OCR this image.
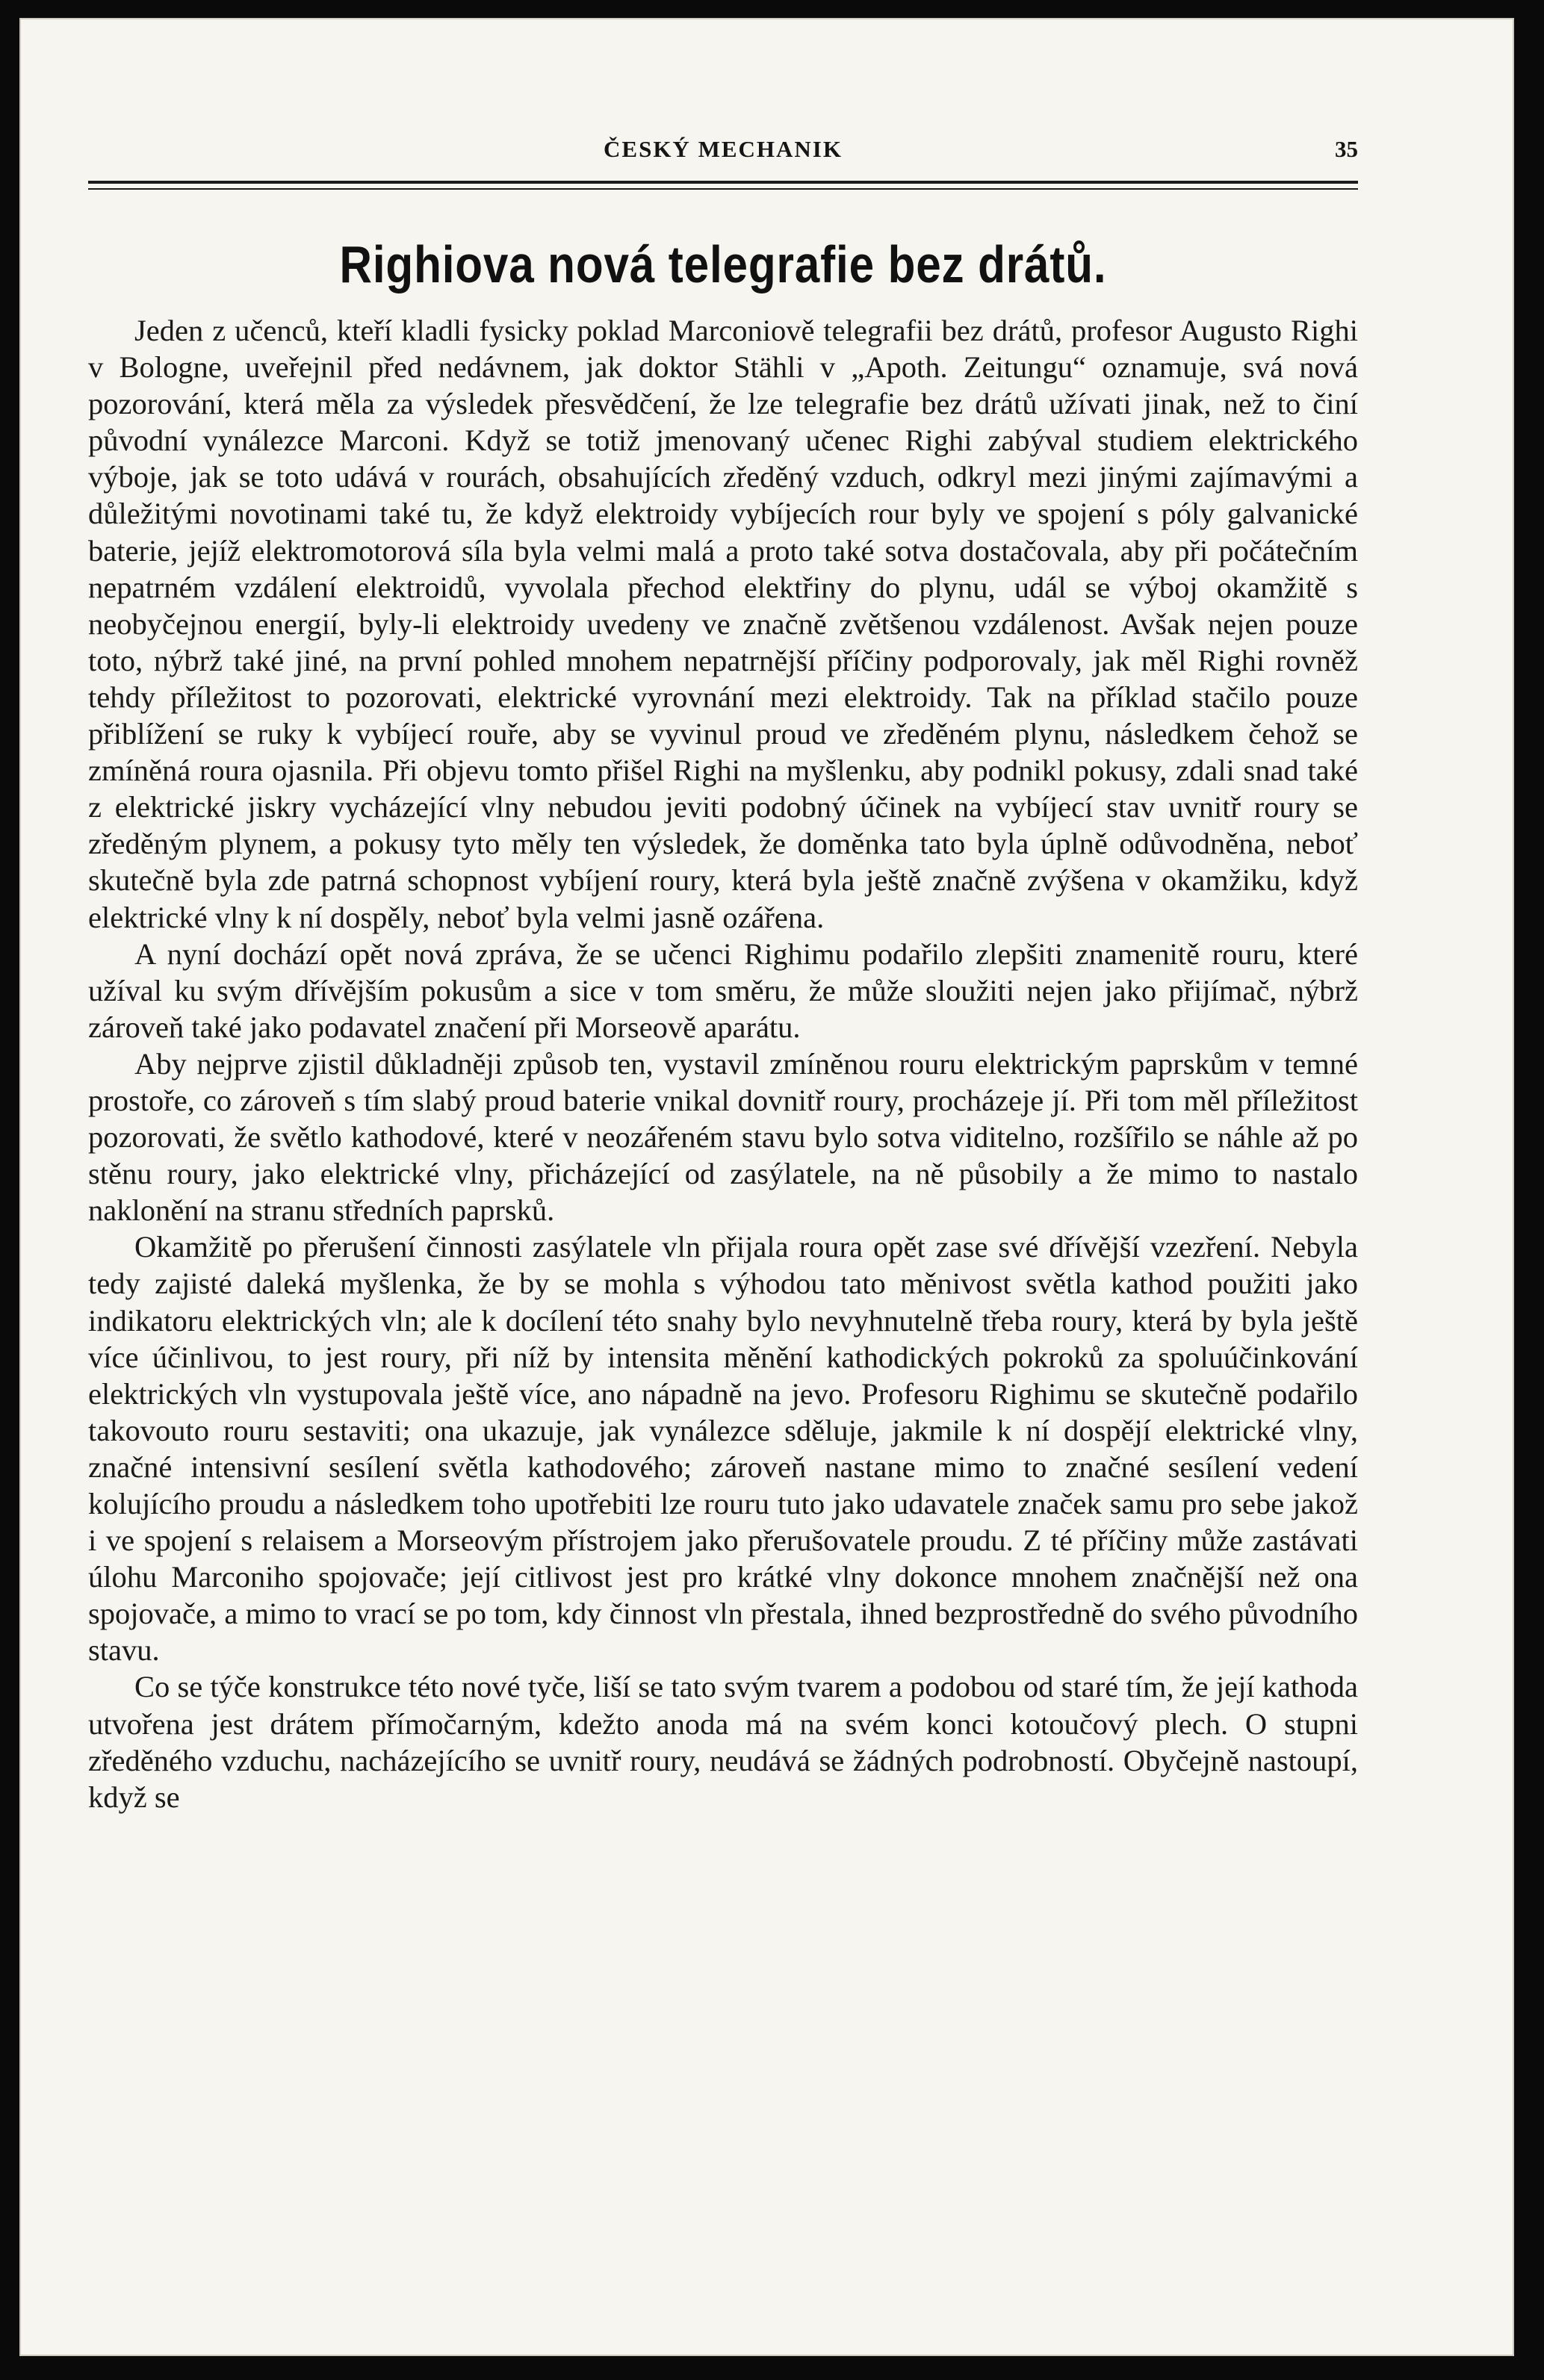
ČESKÝ MECHANIK	35
Righiova nová telegrafie bez drátů.

Jeden z učenců, kteří kladli fysicky poklad Marconiově telegrafii bez drátů, profesor Augusto Righi v Bologne, uveřejnil před nedávnem, jak doktor Stähli v „Apoth. Zeitungu“ oznamuje, svá nová pozorování, která měla za výsledek přesvědčení, že lze telegrafie bez drátů užívati jinak, než to činí původní vynálezce Marconi. Když se totiž jmenovaný učenec Righi zabýval studiem elektrického výboje, jak se toto udává v rourách, obsahujících zředěný vzduch, odkryl mezi jinými zajímavými a důležitými novotinami také tu, že když elektroidy vybíjecích rour byly ve spojení s póly galvanické baterie, jejíž elektromotorová síla byla velmi malá a proto také sotva dostačovala, aby při počátečním nepatrném vzdálení elektroidů, vyvolala přechod elektřiny do plynu, udál se výboj okamžitě s neobyčejnou energií, byly-li elektroidy uvedeny ve značně zvětšenou vzdálenost. Avšak nejen pouze toto, nýbrž také jiné, na první pohled mnohem nepatrnější příčiny podporovaly, jak měl Righi rovněž tehdy příležitost to pozorovati, elektrické vyrovnání mezi elektroidy. Tak na příklad stačilo pouze přiblížení se ruky k vybíjecí rouře, aby se vyvinul proud ve zředěném plynu, následkem čehož se zmíněná roura ojasnila. Při objevu tomto přišel Righi na myšlenku, aby podnikl pokusy, zdali snad také z elektrické jiskry vycházející vlny nebudou jeviti podobný účinek na vybíjecí stav uvnitř roury se zředěným plynem, a pokusy tyto měly ten výsledek, že doměnka tato byla úplně odůvodněna, neboť skutečně byla zde patrná schopnost vybíjení roury, která byla ještě značně zvýšena v okamžiku, když elektrické vlny k ní dospěly, neboť byla velmi jasně ozářena.

A nyní dochází opět nová zpráva, že se učenci Righimu podařilo zlepšiti znamenitě rouru, které užíval ku svým dřívějším pokusům a sice v tom směru, že může sloužiti nejen jako přijímač, nýbrž zároveň také jako podavatel značení při Morseově aparátu.

Aby nejprve zjistil důkladněji způsob ten, vystavil zmíněnou rouru elektrickým paprskům v temné prostoře, co zároveň s tím slabý proud baterie vnikal dovnitř roury, procházeje jí. Při tom měl příležitost pozorovati, že světlo kathodové, které v neozářeném stavu bylo sotva viditelno, rozšířilo se náhle až po stěnu roury, jako elektrické vlny, přicházející od zasýlatele, na ně působily a že mimo to nastalo naklonění na stranu středních paprsků.

Okamžitě po přerušení činnosti zasýlatele vln přijala roura opět zase své dřívější vzezření. Nebyla tedy zajisté daleká myšlenka, že by se mohla s výhodou tato měnivost světla kathod použiti jako indikatoru elektrických vln; ale k docílení této snahy bylo nevyhnutelně třeba roury, která by byla ještě více účinlivou, to jest roury, při níž by intensita měnění kathodických pokroků za spoluúčinkování elektrických vln vystupovala ještě více, ano nápadně na jevo. Profesoru Righimu se skutečně podařilo takovouto rouru sestaviti; ona ukazuje, jak vynálezce sděluje, jakmile k ní dospějí elektrické vlny, značné intensivní sesílení světla kathodového; zároveň nastane mimo to značné sesílení vedení kolujícího proudu a následkem toho upotřebiti lze rouru tuto jako udavatele značek samu pro sebe jakož i ve spojení s relaisem a Morseovým přístrojem jako přerušovatele proudu. Z té příčiny může zastávati úlohu Marconiho spojovače; její citlivost jest pro krátké vlny dokonce mnohem značnější než ona spojovače, a mimo to vrací se po tom, kdy činnost vln přestala, ihned bezprostředně do svého původního stavu.

Co se týče konstrukce této nové tyče, liší se tato svým tvarem a podobou od staré tím, že její kathoda utvořena jest drátem přímočarným, kdežto anoda má na svém konci kotoučový plech. O stupni zředěného vzduchu, nacházejícího se uvnitř roury, neudává se žádných podrobností. Obyčejně nastoupí, když se
